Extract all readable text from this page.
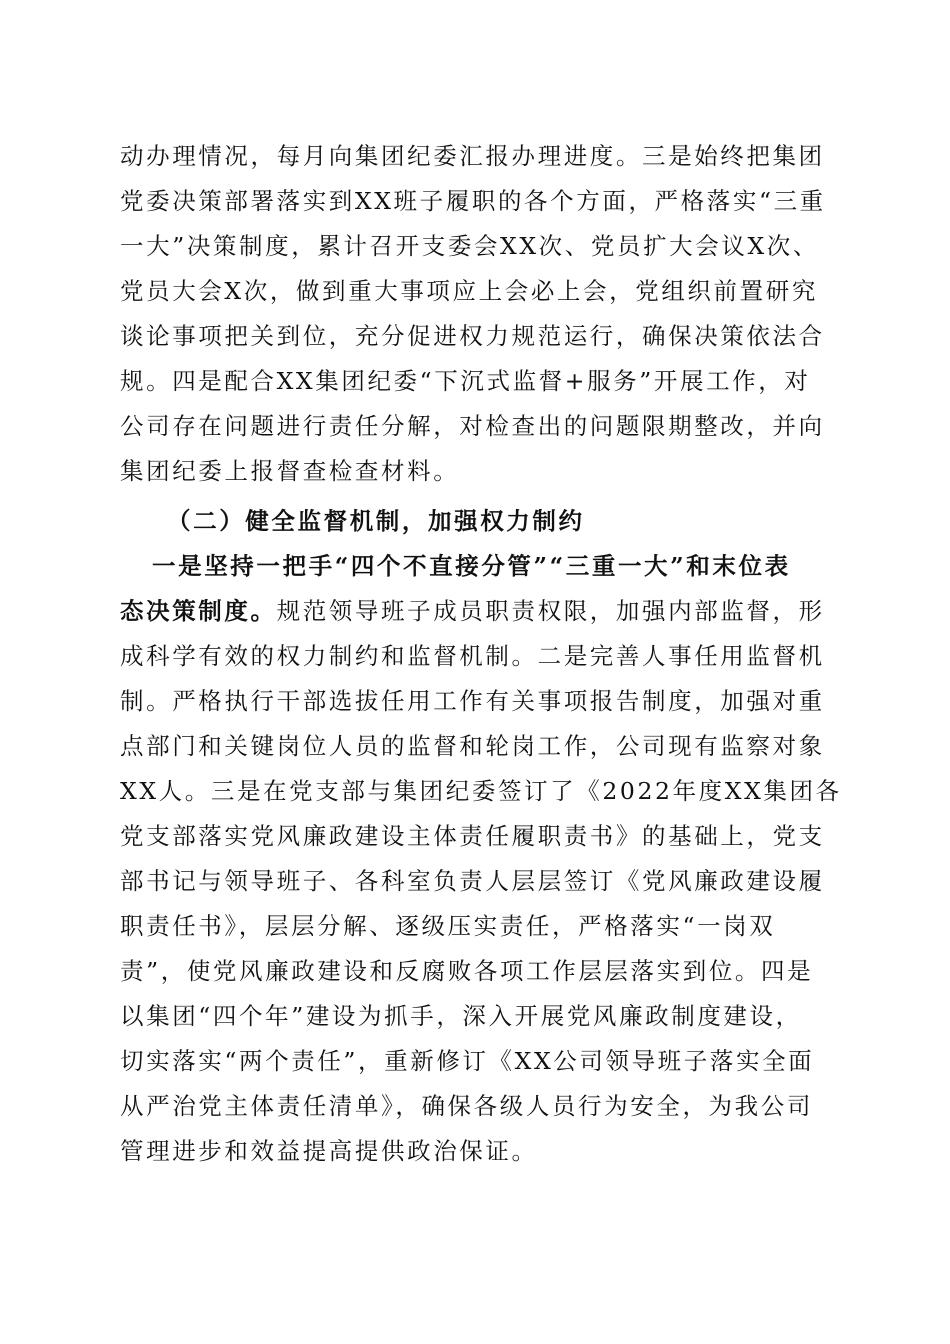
动办理情况，每月向集团纪委汇报办理进度。三是始终把集团
党委决策部署落实到XX班子履职的各个方面，严格落实“三重
一大”决策制度，累计召开支委会XX次、党员扩大会议X次、
党员大会X次，做到重大事项应上会必上会，党组织前置研究
谈论事项把关到位，充分促进权力规范运行，确保决策依法合
规。四是配合XX集团纪委“下沉式监督+服务”开展工作，对
公司存在问题进行责任分解，对检查出的问题限期整改，并向
集团纪委上报督查检查材料。
（二）健全监督机制，加强权力制约
一是坚持一把手“四个不直接分管”“三重一大”和末位表
态决策制度。规范领导班子成员职责权限，加强内部监督，形
成科学有效的权力制约和监督机制。二是完善人事任用监督机
制。严格执行干部选拔任用工作有关事项报告制度，加强对重
点部门和关键岗位人员的监督和轮岗工作，公司现有监察对象
XX人。三是在党支部与集团纪委签订了《2022年度XX集团各
党支部落实党风廉政建设主体责任履职责书》的基础上，党支
部书记与领导班子、各科室负责人层层签订《党风廉政建设履
职责任书》，层层分解、逐级压实责任，严格落实“一岗双
责”，使党风廉政建设和反腐败各项工作层层落实到位。四是
以集团“四个年”建设为抓手，深入开展党风廉政制度建设，
切实落实“两个责任”，重新修订《XX公司领导班子落实全面
从严治党主体责任清单》，确保各级人员行为安全，为我公司
管理进步和效益提高提供政治保证。
